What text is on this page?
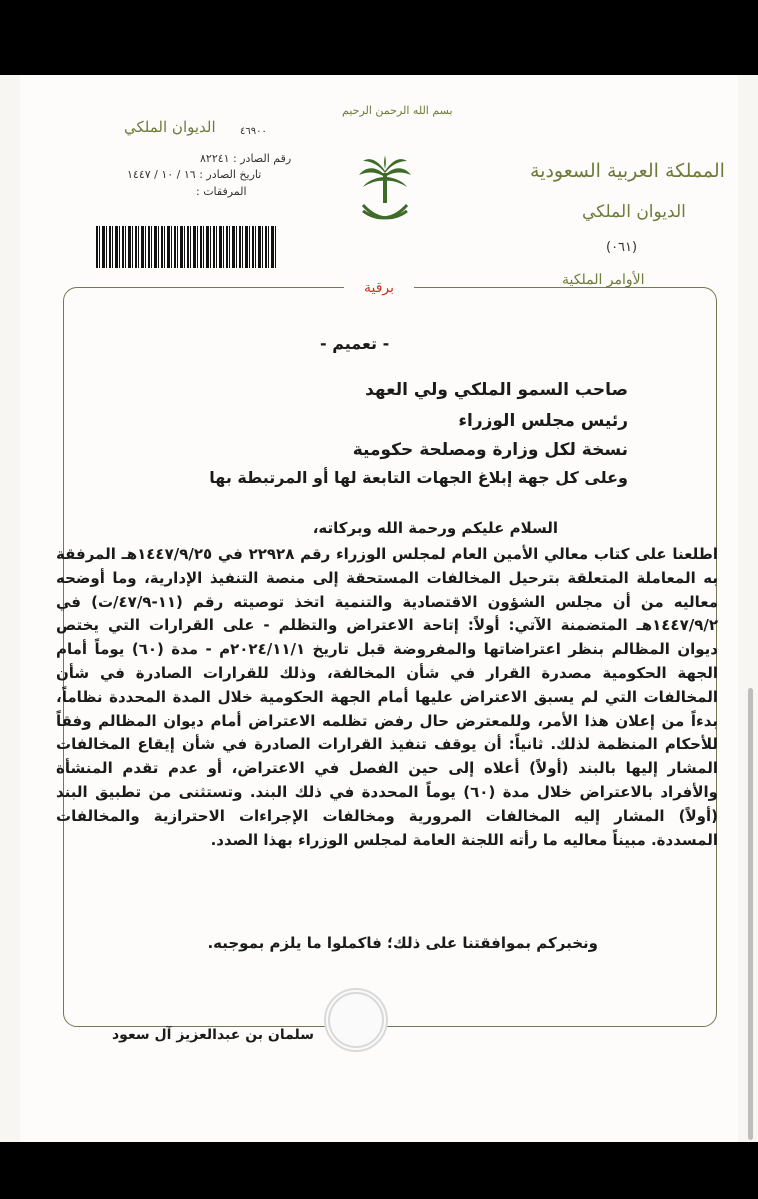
الديوان الملكي ٤٦٩٠٠
بسم الله الرحمن الرحيم
رقم الصادر : ٨٢٢٤١
تاريخ الصادر : ١٦ / ١٠ / ١٤٤٧
المرفقات :
المملكة العربية السعودية
الديوان الملكي
(٠٦١)
الأوامر الملكية
برقية
- تعميم -
صاحب السمو الملكي ولي العهد
رئيس مجلس الوزراء
نسخة لكل وزارة ومصلحة حكومية
وعلى كل جهة إبلاغ الجهات التابعة لها أو المرتبطة بها
السلام عليكم ورحمة الله وبركاته،
اطلعنا على كتاب معالي الأمين العام لمجلس الوزراء رقم ٢٢٩٢٨ في ١٤٤٧/٩/٢٥هـ المرفقة به المعاملة المتعلقة بترحيل المخالفات المستحقة إلى منصة التنفيذ الإدارية، وما أوضحه معاليه من أن مجلس الشؤون الاقتصادية والتنمية اتخذ توصيته رقم (١١-٤٧/٩/ت) في ١٤٤٧/٩/٢هـ المتضمنة الآتي: أولاً: إتاحة الاعتراض والتظلم - على القرارات التي يختص ديوان المظالم بنظر اعتراضاتها والمفروضة قبل تاريخ ٢٠٢٤/١١/١م - مدة (٦٠) يوماً أمام الجهة الحكومية مصدرة القرار في شأن المخالفة، وذلك للقرارات الصادرة في شأن المخالفات التي لم يسبق الاعتراض عليها أمام الجهة الحكومية خلال المدة المحددة نظاماً، بدءاً من إعلان هذا الأمر، وللمعترض حال رفض تظلمه الاعتراض أمام ديوان المظالم وفقاً للأحكام المنظمة لذلك. ثانياً: أن يوقف تنفيذ القرارات الصادرة في شأن إيقاع المخالفات المشار إليها بالبند (أولاً) أعلاه إلى حين الفصل في الاعتراض، أو عدم تقدم المنشأة والأفراد بالاعتراض خلال مدة (٦٠) يوماً المحددة في ذلك البند. وتستثنى من تطبيق البند (أولاً) المشار إليه المخالفات المرورية ومخالفات الإجراءات الاحترازية والمخالفات المسددة. مبيناً معاليه ما رأته اللجنة العامة لمجلس الوزراء بهذا الصدد.
ونخبركم بموافقتنا على ذلك؛ فاكملوا ما يلزم بموجبه.
سلمان بن عبدالعزيز آل سعود
